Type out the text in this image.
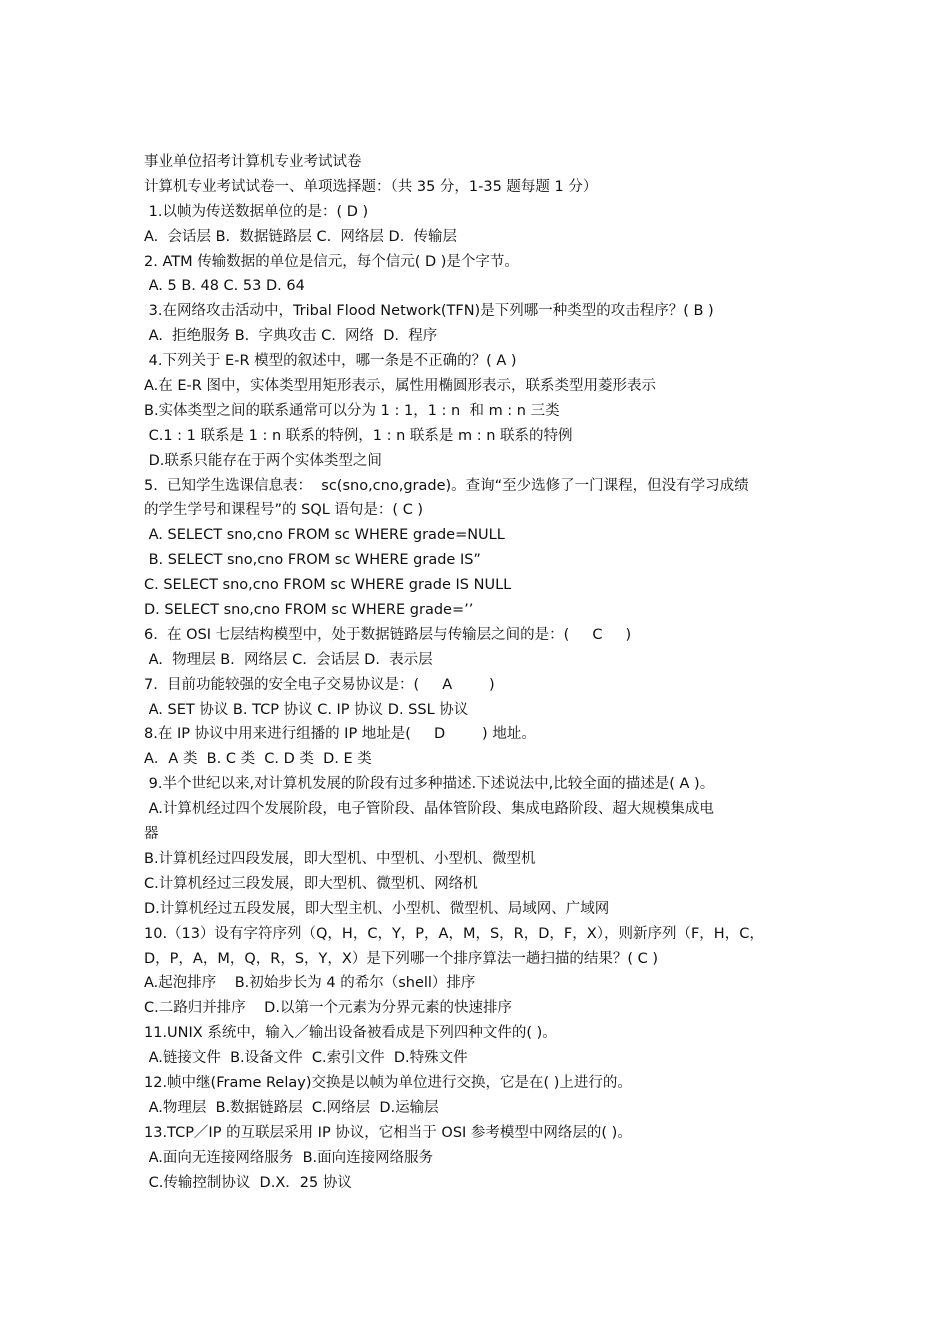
事业单位招考计算机专业考试试卷
计算机专业考试试卷一、单项选择题：（共 35 分，1-35 题每题 1 分）
1.以帧为传送数据单位的是：( D )
A.  会话层 B.  数据链路层 C.  网络层 D.  传输层
2. ATM 传输数据的单位是信元，每个信元( D )是个字节。
A. 5 B. 48 C. 53 D. 64
3.在网络攻击活动中，Tribal Flood Network(TFN)是下列哪一种类型的攻击程序？( B )
A.  拒绝服务 B.  字典攻击 C.  网络  D.  程序
4.下列关于 E-R 模型的叙述中，哪一条是不正确的？( A )
A.在 E-R 图中，实体类型用矩形表示，属性用椭圆形表示，联系类型用菱形表示
B.实体类型之间的联系通常可以分为 1 : 1，1 : n  和 m : n 三类
C.1 : 1 联系是 1 : n 联系的特例，1 : n 联系是 m : n 联系的特例
D.联系只能存在于两个实体类型之间
5.  已知学生选课信息表：  sc(sno,cno,grade)。查询“至少选修了一门课程，但没有学习成绩
的学生学号和课程号”的 SQL 语句是：( C )
A. SELECT sno,cno FROM sc WHERE grade=NULL
B. SELECT sno,cno FROM sc WHERE grade IS”
C. SELECT sno,cno FROM sc WHERE grade IS NULL
D. SELECT sno,cno FROM sc WHERE grade=’’
6.  在 OSI 七层结构模型中，处于数据链路层与传输层之间的是：(     C     )
A.  物理层 B.  网络层 C.  会话层 D.  表示层
7.  目前功能较强的安全电子交易协议是：(     A        )
A. SET 协议 B. TCP 协议 C. IP 协议 D. SSL 协议
8.在 IP 协议中用来进行组播的 IP 地址是(     D        ) 地址。
A．A 类  B. C 类  C. D 类  D. E 类
9.半个世纪以来,对计算机发展的阶段有过多种描述.下述说法中,比较全面的描述是( A )。
A.计算机经过四个发展阶段，电子管阶段、晶体管阶段、集成电路阶段、超大规模集成电
器
B.计算机经过四段发展，即大型机、中型机、小型机、微型机
C.计算机经过三段发展，即大型机、微型机、网络机
D.计算机经过五段发展，即大型主机、小型机、微型机、局域网、广域网
10.（13）设有字符序列（Q，H，C，Y，P，A，M，S，R，D，F，X），则新序列（F，H，C，
D，P，A，M，Q，R，S，Y，X）是下列哪一个排序算法一趟扫描的结果？( C )
A.起泡排序    B.初始步长为 4 的希尔（shell）排序
C.二路归并排序    D.以第一个元素为分界元素的快速排序
11.UNIX 系统中，输入／输出设备被看成是下列四种文件的( )。
A.链接文件  B.设备文件  C.索引文件  D.特殊文件
12.帧中继(Frame Relay)交换是以帧为单位进行交换，它是在( )上进行的。
A.物理层  B.数据链路层  C.网络层  D.运输层
13.TCP／IP 的互联层采用 IP 协议，它相当于 OSI 参考模型中网络层的( )。
A.面向无连接网络服务  B.面向连接网络服务
C.传输控制协议  D.X．25 协议
